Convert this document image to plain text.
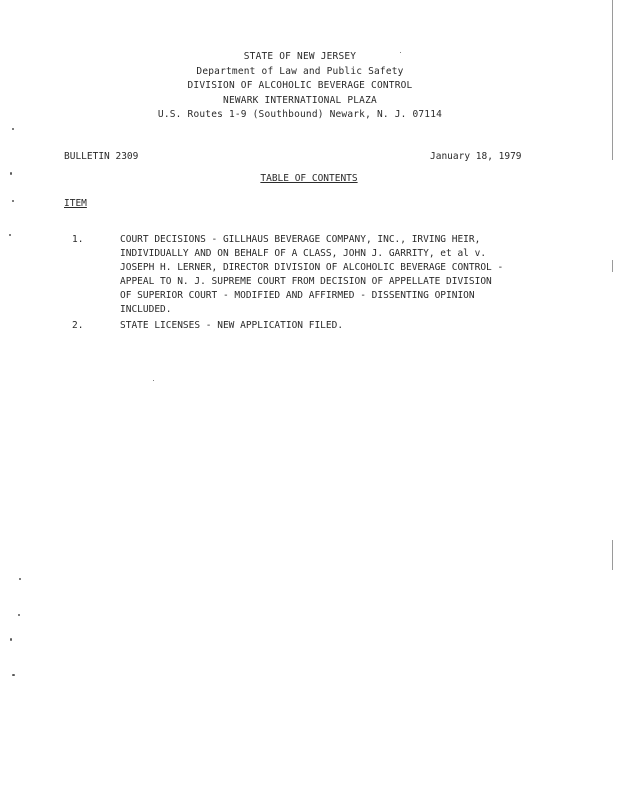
STATE OF NEW JERSEY
Department of Law and Public Safety
DIVISION OF ALCOHOLIC BEVERAGE CONTROL
NEWARK INTERNATIONAL PLAZA
U.S. Routes 1-9 (Southbound) Newark, N. J. 07114
BULLETIN 2309	January 18, 1979
TABLE OF CONTENTS
ITEM
1.	COURT DECISIONS - GILLHAUS BEVERAGE COMPANY, INC., IRVING HEIR,
INDIVIDUALLY AND ON BEHALF OF A CLASS, JOHN J. GARRITY, et al v.
JOSEPH H. LERNER, DIRECTOR DIVISION OF ALCOHOLIC BEVERAGE CONTROL -
APPEAL TO N. J. SUPREME COURT FROM DECISION OF APPELLATE DIVISION
OF SUPERIOR COURT - MODIFIED AND AFFIRMED - DISSENTING OPINION
INCLUDED.
2.	STATE LICENSES - NEW APPLICATION FILED.
